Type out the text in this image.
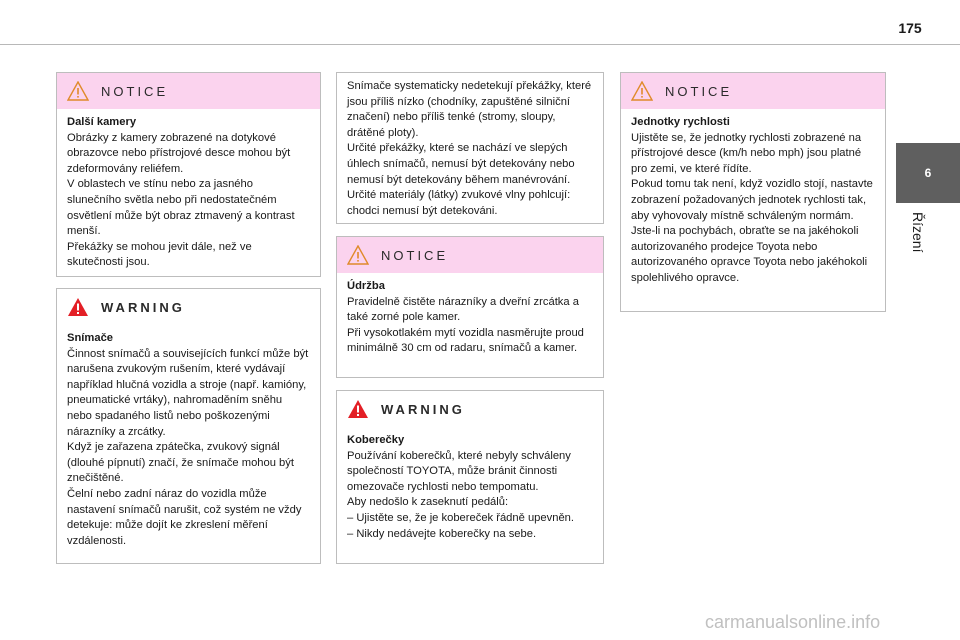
175
6
Řízení
NOTICE

Další kamery

Obrázky z kamery zobrazené na dotykové obrazovce nebo přístrojové desce mohou být zdeformovány reliéfem.

V oblastech ve stínu nebo za jasného slunečního světla nebo při nedostatečném osvětlení může být obraz ztmavený a kontrast menší.

Překážky se mohou jevit dále, než ve skutečnosti jsou.

WARNING

Snímače

Činnost snímačů a souvisejících funkcí může být narušena zvukovým rušením, které vydávají například hlučná vozidla a stroje (např. kamióny, pneumatické vrtáky), nahromaděním sněhu nebo spadaného listů nebo poškozenými nárazníky a zrcátky.

Když je zařazena zpátečka, zvukový signál (dlouhé pípnutí) značí, že snímače mohou být znečištěné.

Čelní nebo zadní náraz do vozidla může nastavení snímačů narušit, což systém ne vždy detekuje: může dojít ke zkreslení měření vzdálenosti.

Snímače systematicky nedetekují překážky, které jsou příliš nízko (chodníky, zapuštěné silniční značení) nebo příliš tenké (stromy, sloupy, drátěné ploty).

Určité překážky, které se nachází ve slepých úhlech snímačů, nemusí být detekovány nebo nemusí být detekovány během manévrování.

Určité materiály (látky) zvukové vlny pohlcují: chodci nemusí být detekováni.

NOTICE

Údržba

Pravidelně čistěte nárazníky a dveřní zrcátka a také zorné pole kamer.

Při vysokotlakém mytí vozidla nasměrujte proud minimálně 30 cm od radaru, snímačů a kamer.

WARNING

Koberečky

Používání koberečků, které nebyly schváleny společností TOYOTA, může bránit činnosti omezovače rychlosti nebo tempomatu.

Aby nedošlo k zaseknutí pedálů:

– Ujistěte se, že je kobereček řádně upevněn.
– Nikdy nedávejte koberečky na sebe.
NOTICE

Jednotky rychlosti

Ujistěte se, že jednotky rychlosti zobrazené na přístrojové desce (km/h nebo mph) jsou platné pro zemi, ve které řídíte.

Pokud tomu tak není, když vozidlo stojí, nastavte zobrazení požadovaných jednotek rychlosti tak, aby vyhovovaly místně schváleným normám.

Jste-li na pochybách, obraťte se na jakéhokoli autorizovaného prodejce Toyota nebo autorizovaného opravce Toyota nebo jakéhokoli spolehlivého opravce.

carmanualsonline.info
